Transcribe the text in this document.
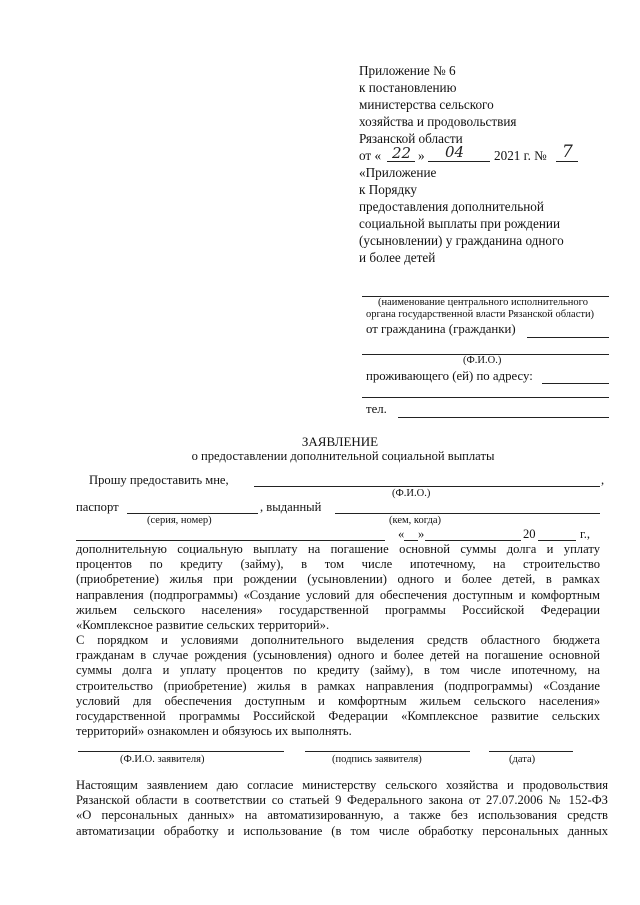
Приложение № 6
к постановлению
министерства сельского
хозяйства и продовольствия
Рязанской области
от « 22 » 04 2021 г. № 7
«Приложение
к Порядку
предоставления дополнительной
социальной выплаты при рождении
(усыновлении) у гражданина одного
и более детей
(наименование центрального исполнительного
органа государственной власти Рязанской области)
от гражданина (гражданки)
(Ф.И.О.)
проживающего (ей) по адресу:
тел.
ЗАЯВЛЕНИЕ
о предоставлении дополнительной социальной выплаты
Прошу предоставить мне,	,
(Ф.И.О.)
паспорт	, выданный
(серия, номер)	(кем, когда)
« »	20	г.,
дополнительную социальную выплату на погашение основной суммы долга и уплату
процентов по кредиту (займу), в том числе ипотечному, на строительство
(приобретение) жилья при рождении (усыновлении) одного и более детей, в рамках
направления (подпрограммы) «Создание условий для обеспечения доступным и комфортным
жильем сельского населения» государственной программы Российской Федерации
«Комплексное развитие сельских территорий».
С порядком и условиями дополнительного выделения средств областного бюджета
гражданам в случае рождения (усыновления) одного и более детей на погашение основной
суммы долга и уплату процентов по кредиту (займу), в том числе ипотечному, на
строительство (приобретение) жилья в рамках направления (подпрограммы) «Создание
условий для обеспечения доступным и комфортным жильем сельского населения»
государственной программы Российской Федерации «Комплексное развитие сельских
территорий» ознакомлен и обязуюсь их выполнять.
(Ф.И.О. заявителя)	(подпись заявителя)	(дата)
Настоящим заявлением даю согласие министерству сельского хозяйства и продовольствия
Рязанской области в соответствии со статьей 9 Федерального закона от 27.07.2006 № 152-ФЗ
«О персональных данных» на автоматизированную, а также без использования средств
автоматизации обработку и использование (в том числе обработку персональных данных
